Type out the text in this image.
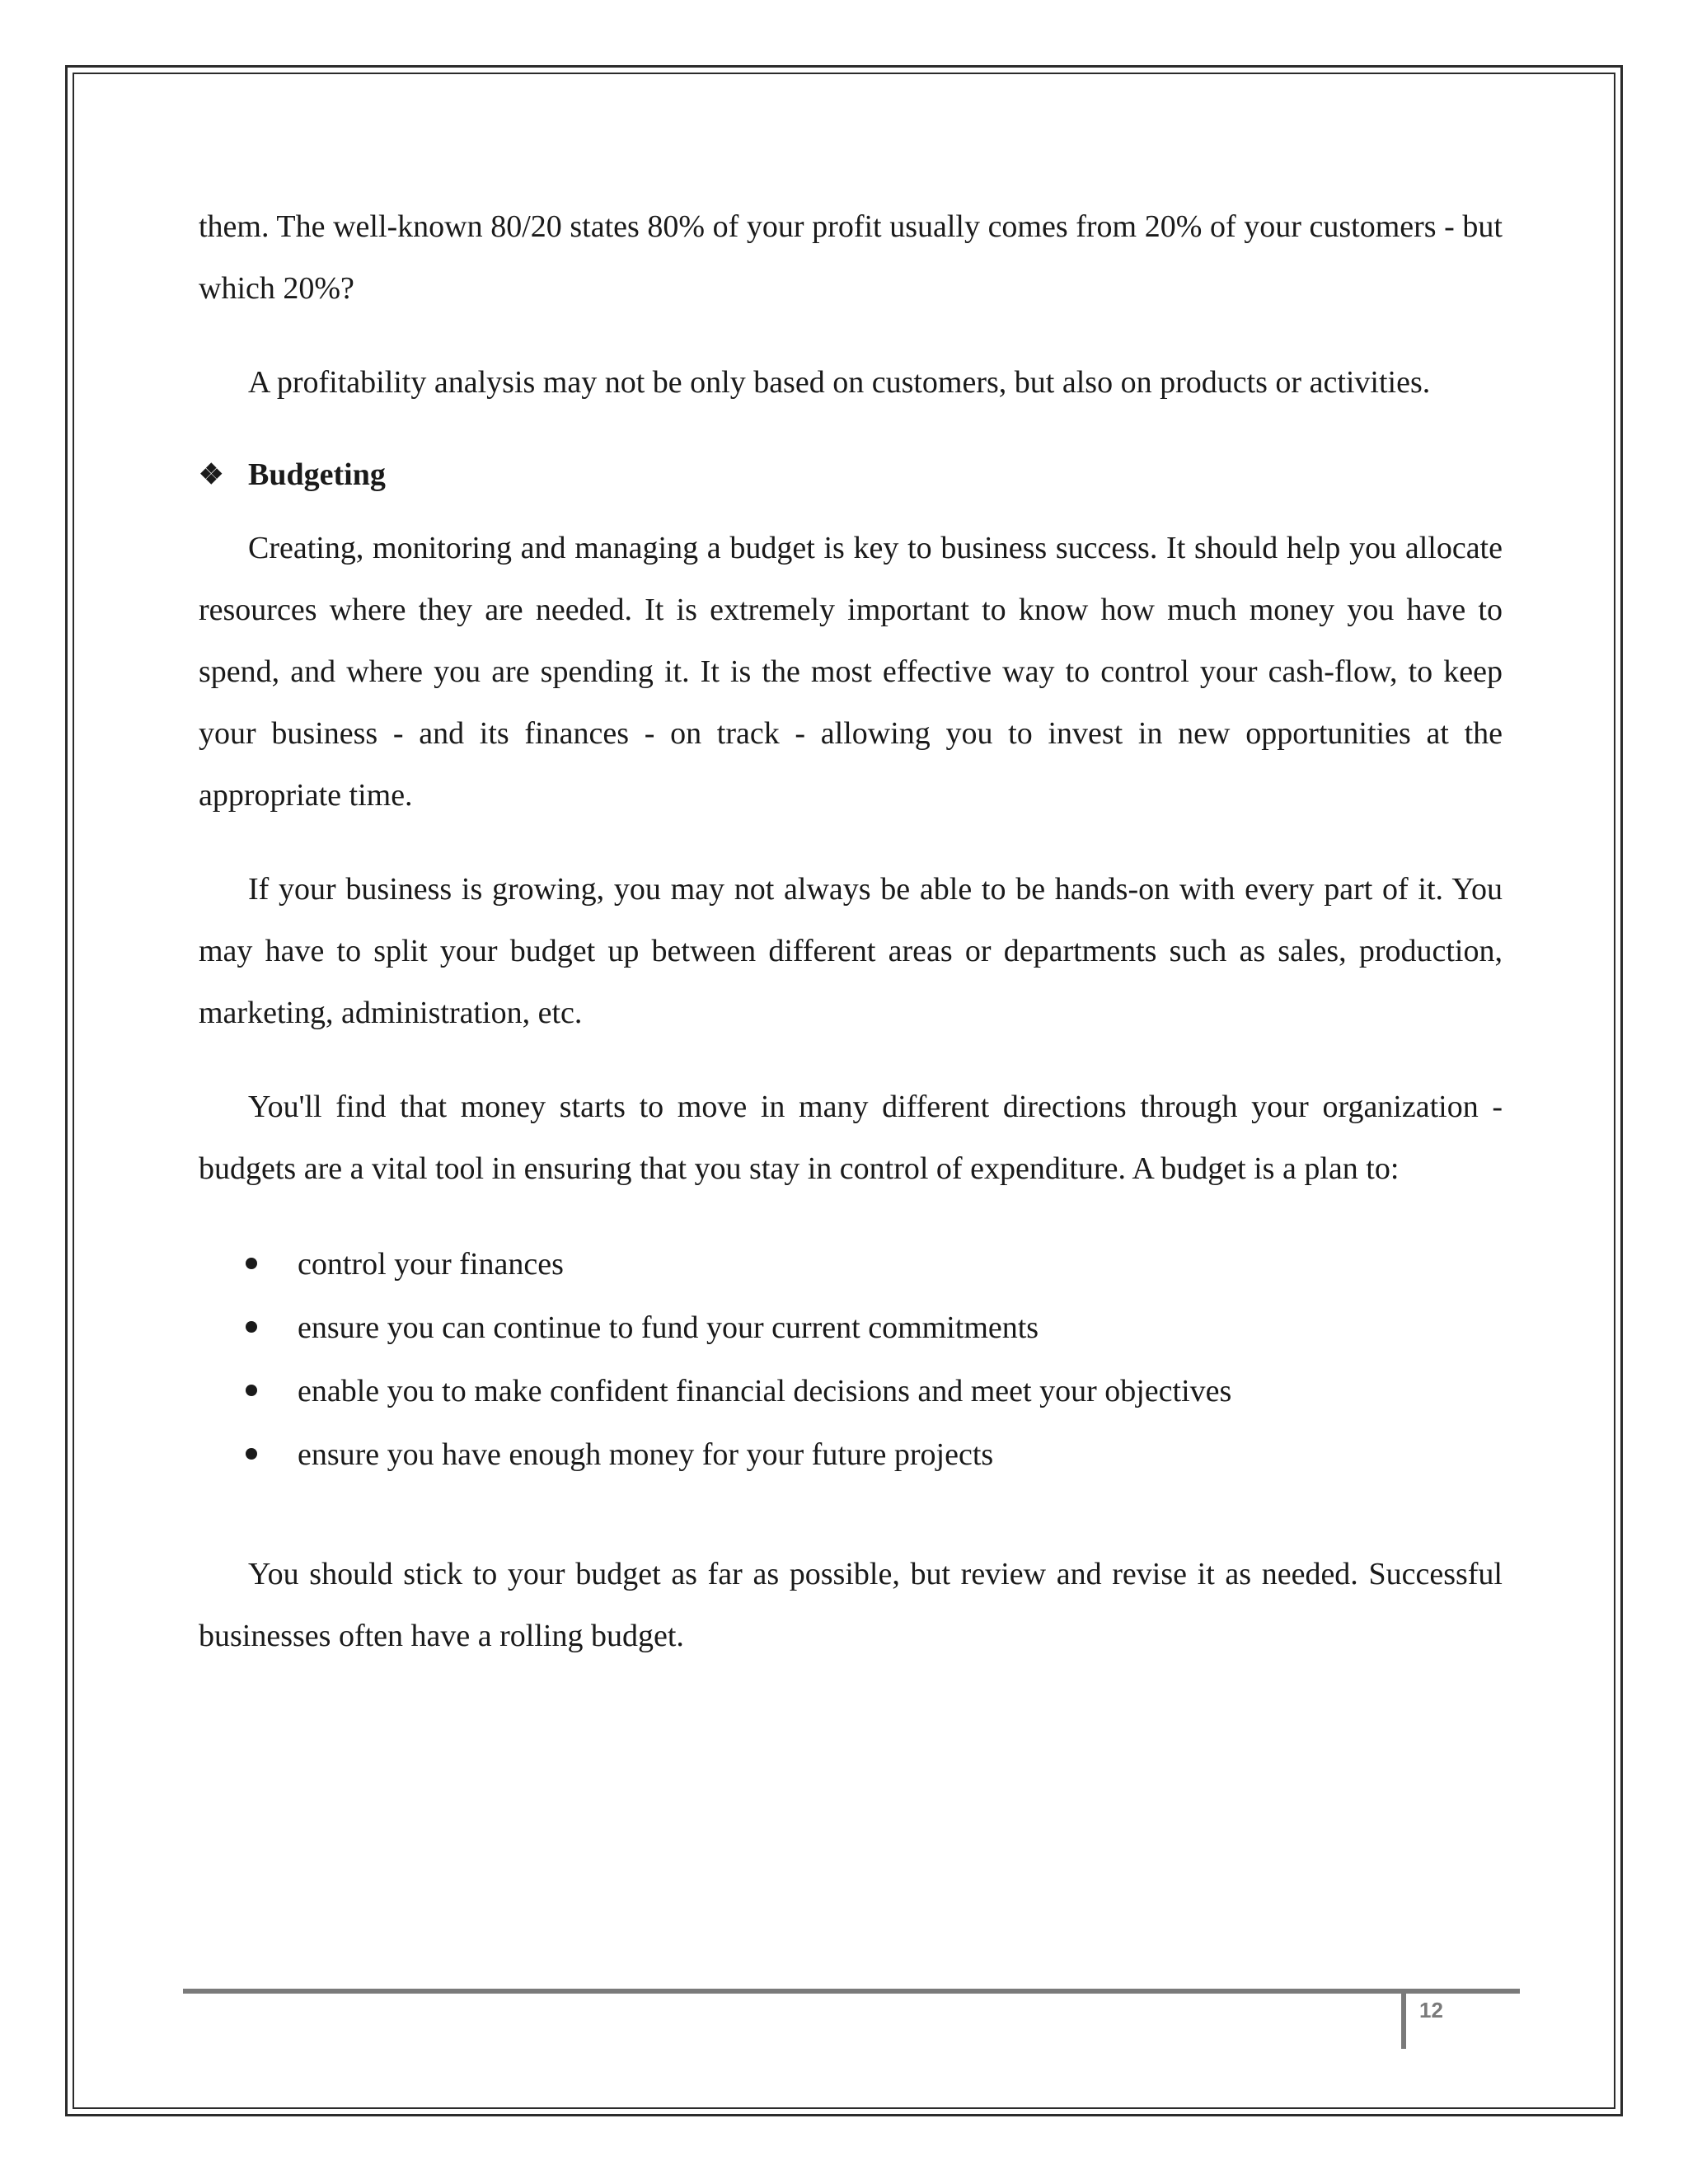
them. The well-known 80/20 states 80% of your profit usually comes from 20% of your customers - but which 20%?

A profitability analysis may not be only based on customers, but also on products or activities.

❖ Budgeting

Creating, monitoring and managing a budget is key to business success. It should help you allocate resources where they are needed. It is extremely important to know how much money you have to spend, and where you are spending it. It is the most effective way to control your cash-flow, to keep your business - and its finances - on track - allowing you to invest in new opportunities at the appropriate time.

If your business is growing, you may not always be able to be hands-on with every part of it. You may have to split your budget up between different areas or departments such as sales, production, marketing, administration, etc.

You'll find that money starts to move in many different directions through your organization - budgets are a vital tool in ensuring that you stay in control of expenditure. A budget is a plan to:

control your finances
ensure you can continue to fund your current commitments
enable you to make confident financial decisions and meet your objectives
ensure you have enough money for your future projects

You should stick to your budget as far as possible, but review and revise it as needed. Successful businesses often have a rolling budget.

12
